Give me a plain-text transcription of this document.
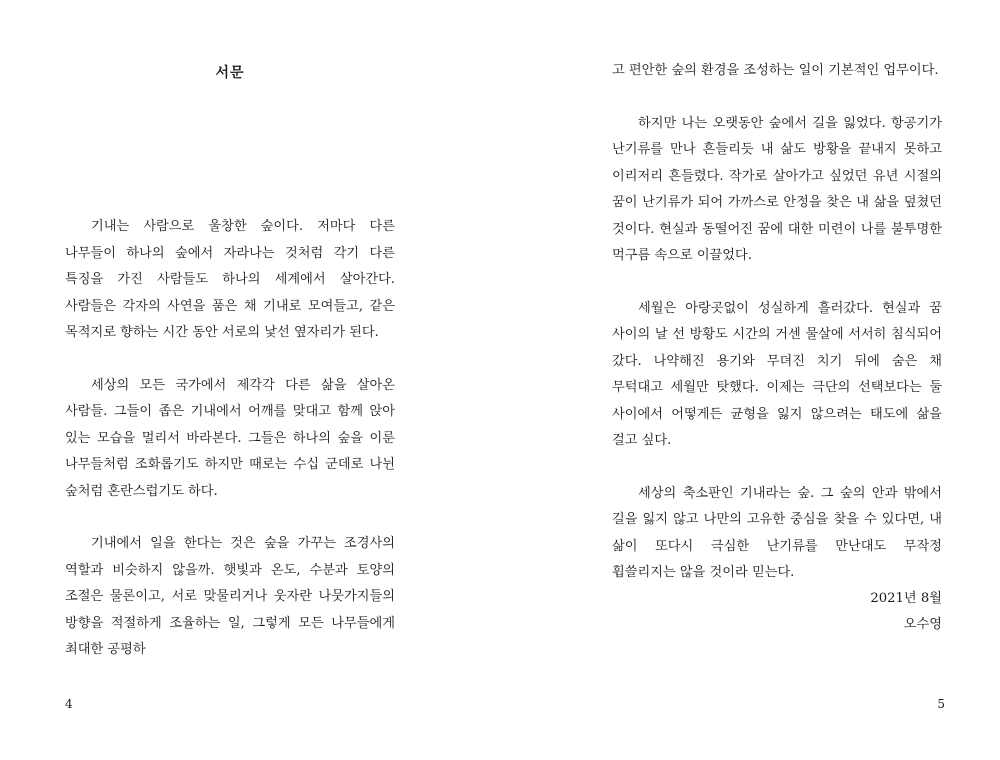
서문

기내는 사람으로 울창한 숲이다. 저마다 다른 나무들이 하나의 숲에서 자라나는 것처럼 각기 다른 특징을 가진 사람들도 하나의 세계에서 살아간다. 사람들은 각자의 사연을 품은 채 기내로 모여들고, 같은 목적지로 향하는 시간 동안 서로의 낯선 옆자리가 된다.

세상의 모든 국가에서 제각각 다른 삶을 살아온 사람들. 그들이 좁은 기내에서 어깨를 맞대고 함께 앉아 있는 모습을 멀리서 바라본다. 그들은 하나의 숲을 이룬 나무들처럼 조화롭기도 하지만 때로는 수십 군데로 나뉜 숲처럼 혼란스럽기도 하다.

기내에서 일을 한다는 것은 숲을 가꾸는 조경사의 역할과 비슷하지 않을까. 햇빛과 온도, 수분과 토양의 조절은 물론이고, 서로 맞물리거나 웃자란 나뭇가지들의 방향을 적절하게 조율하는 일, 그렇게 모든 나무들에게 최대한 공평하

4

고 편안한 숲의 환경을 조성하는 일이 기본적인 업무이다.

하지만 나는 오랫동안 숲에서 길을 잃었다. 항공기가 난기류를 만나 흔들리듯 내 삶도 방황을 끝내지 못하고 이리저리 흔들렸다. 작가로 살아가고 싶었던 유년 시절의 꿈이 난기류가 되어 가까스로 안정을 찾은 내 삶을 덮쳤던 것이다. 현실과 동떨어진 꿈에 대한 미련이 나를 불투명한 먹구름 속으로 이끌었다.

세월은 아랑곳없이 성실하게 흘러갔다. 현실과 꿈 사이의 날 선 방황도 시간의 거센 물살에 서서히 침식되어 갔다. 나약해진 용기와 무뎌진 치기 뒤에 숨은 채 무턱대고 세월만 탓했다. 이제는 극단의 선택보다는 둘 사이에서 어떻게든 균형을 잃지 않으려는 태도에 삶을 걸고 싶다.

세상의 축소판인 기내라는 숲. 그 숲의 안과 밖에서 길을 잃지 않고 나만의 고유한 중심을 찾을 수 있다면, 내 삶이 또다시 극심한 난기류를 만난대도 무작정 휩쓸리지는 않을 것이라 믿는다.

2021년 8월
오수영
5
